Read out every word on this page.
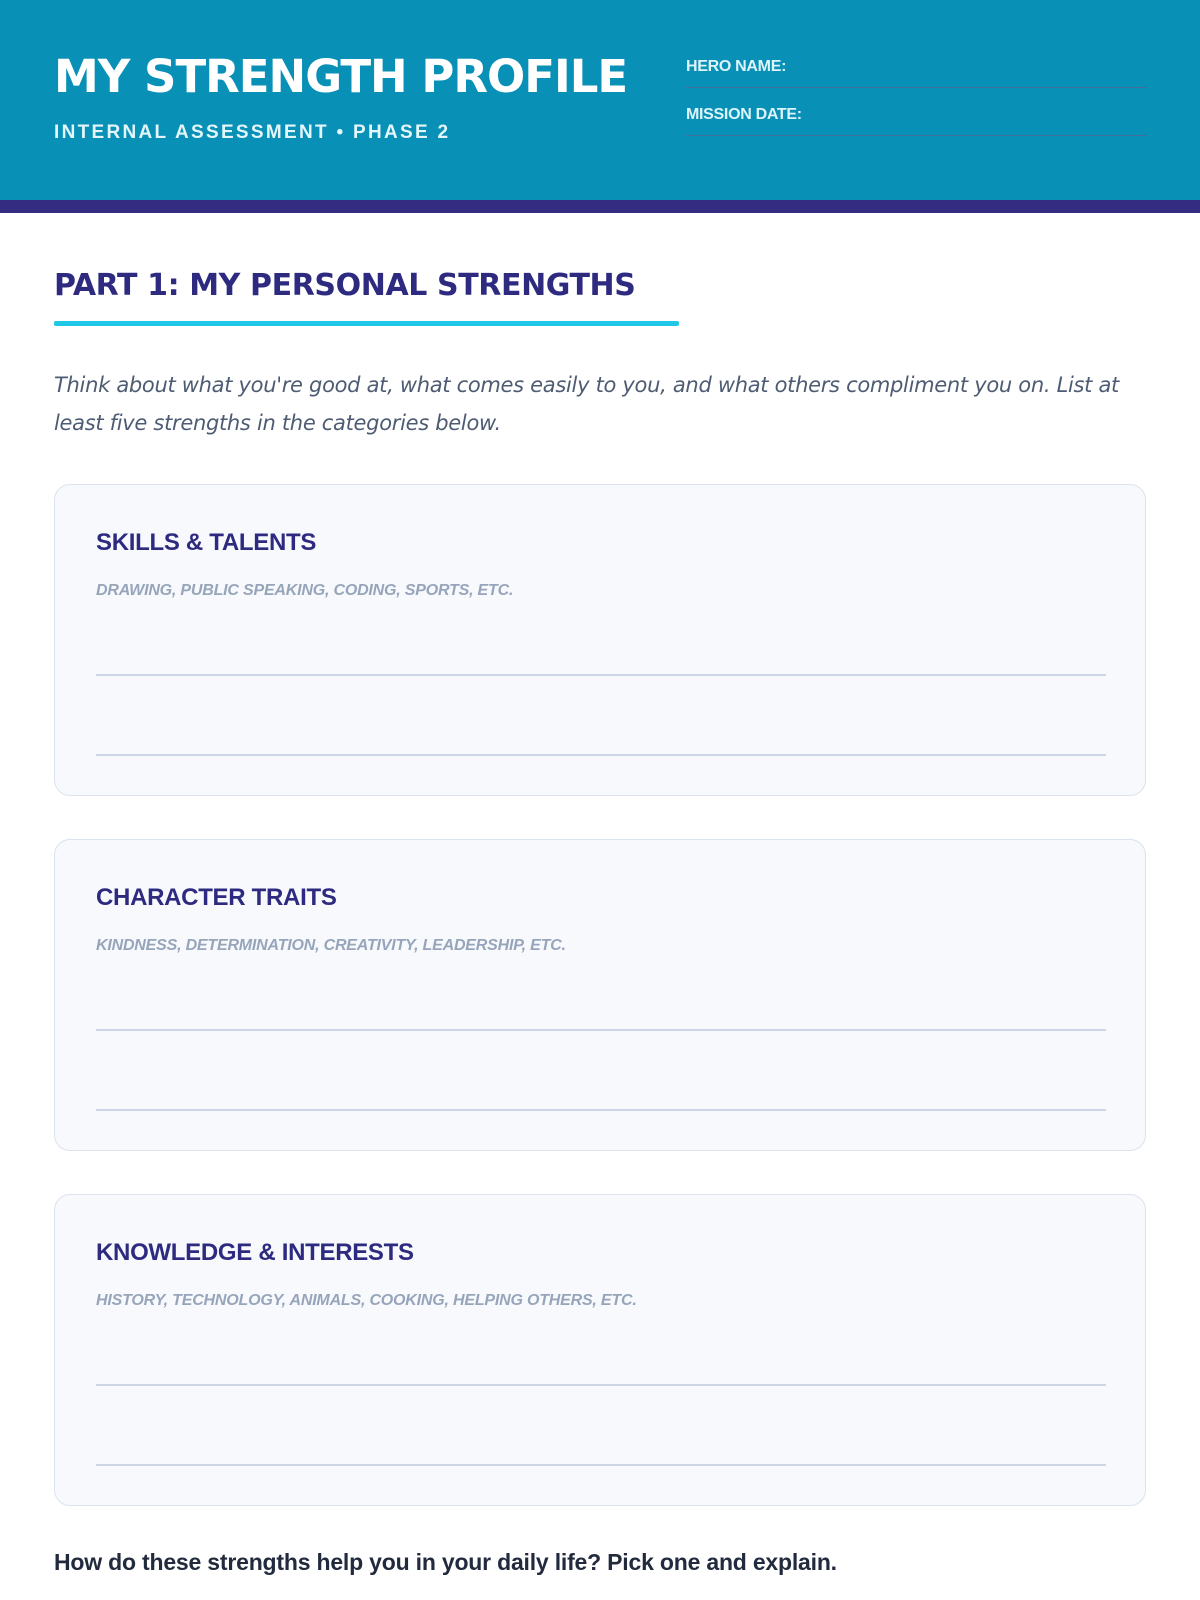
MY STRENGTH PROFILE
INTERNAL ASSESSMENT • PHASE 2
HERO NAME:
MISSION DATE:
PART 1: MY PERSONAL STRENGTHS

Think about what you're good at, what comes easily to you, and what others compliment you on. List at least five strengths in the categories below.

SKILLS & TALENTS
DRAWING, PUBLIC SPEAKING, CODING, SPORTS, ETC.
CHARACTER TRAITS
KINDNESS, DETERMINATION, CREATIVITY, LEADERSHIP, ETC.
KNOWLEDGE & INTERESTS
HISTORY, TECHNOLOGY, ANIMALS, COOKING, HELPING OTHERS, ETC.
How do these strengths help you in your daily life? Pick one and explain.
